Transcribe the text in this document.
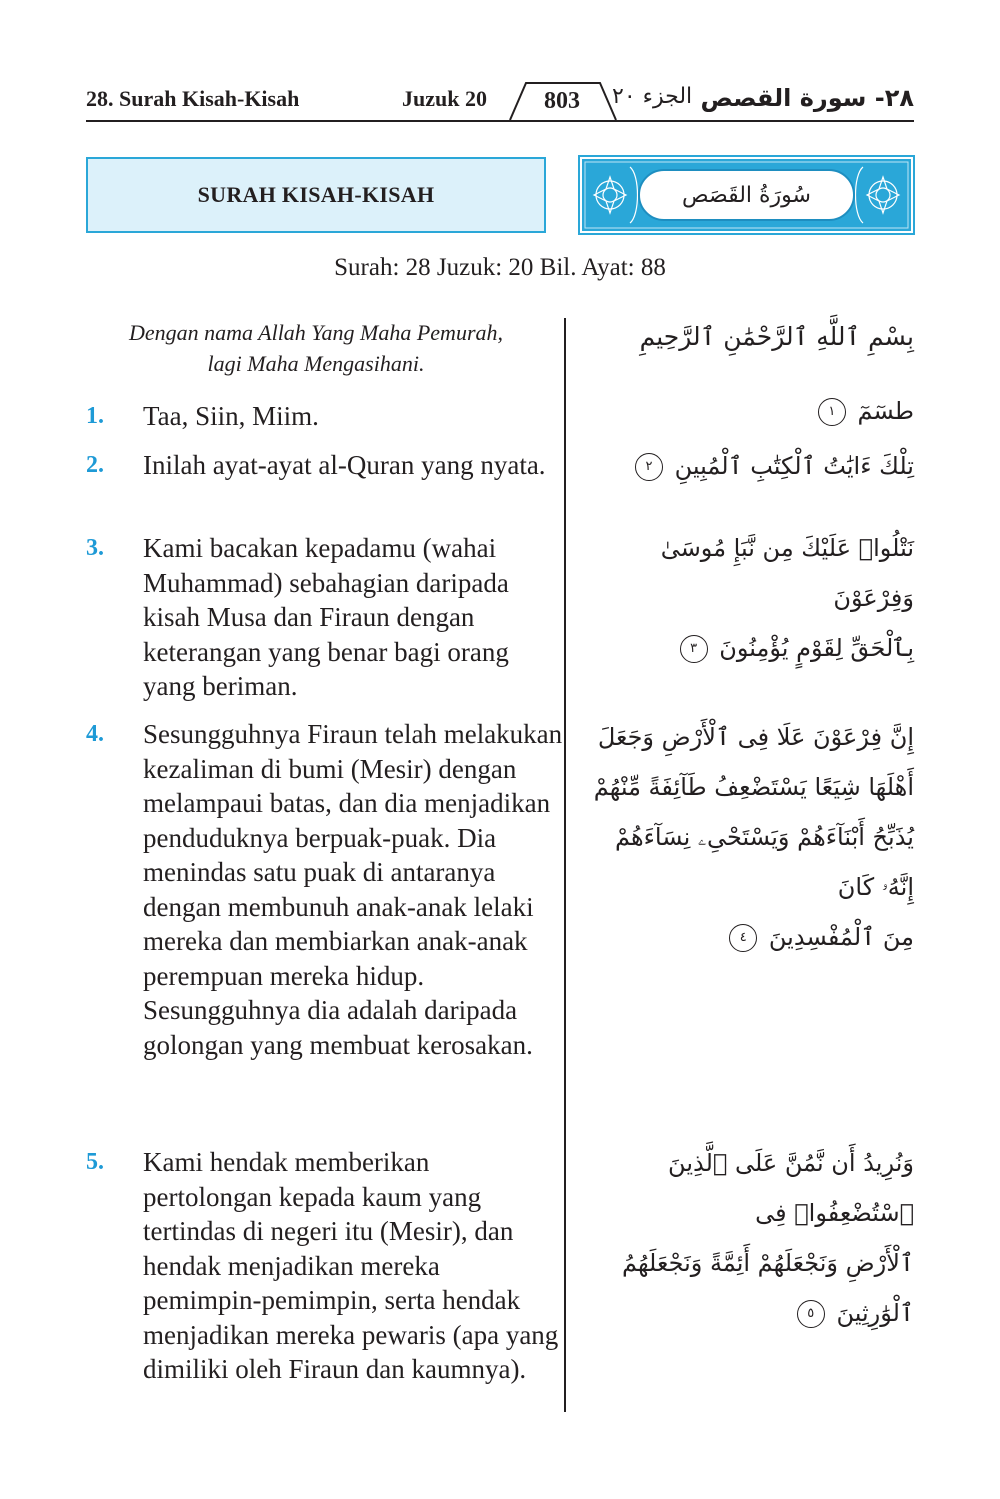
28. Surah Kisah-Kisah	Juzuk 20	803	الجزء ٢٠ ٢٨- سورة القصص
SURAH KISAH-KISAH	سُورَةُ القَصَص
Surah: 28 Juzuk: 20 Bil. Ayat: 88
Dengan nama Allah Yang Maha Pemurah,
lagi Maha Mengasihani.
بِسْمِ ٱللَّهِ ٱلرَّحْمَٰنِ ٱلرَّحِيمِ
1. Taa, Siin, Miim.	طسٓمٓ ١
2. Inilah ayat-ayat al-Quran yang nyata.	تِلْكَ ءَايَٰتُ ٱلْكِتَٰبِ ٱلْمُبِينِ ٢
3. Kami bacakan kepadamu (wahai Muhammad) sebahagian daripada kisah Musa dan Firaun dengan keterangan yang benar bagi orang yang beriman.
نَتْلُوا۟ عَلَيْكَ مِن نَّبَإِ مُوسَىٰ وَفِرْعَوْنَ
بِٱلْحَقِّ لِقَوْمٍ يُؤْمِنُونَ ٣
4. Sesungguhnya Firaun telah melakukan kezaliman di bumi (Mesir) dengan melampaui batas, dan dia menjadikan penduduknya berpuak-puak. Dia menindas satu puak di antaranya dengan membunuh anak-anak lelaki mereka dan membiarkan anak-anak perempuan mereka hidup. Sesungguhnya dia adalah daripada golongan yang membuat kerosakan.
إِنَّ فِرْعَوْنَ عَلَا فِى ٱلْأَرْضِ وَجَعَلَ
أَهْلَهَا شِيَعًا يَسْتَضْعِفُ طَآئِفَةً مِّنْهُمْ
يُذَبِّحُ أَبْنَآءَهُمْ وَيَسْتَحْىِۦ نِسَآءَهُمْ إِنَّهُۥ كَانَ
مِنَ ٱلْمُفْسِدِينَ ٤
5. Kami hendak memberikan pertolongan kepada kaum yang tertindas di negeri itu (Mesir), dan hendak menjadikan mereka pemimpin-pemimpin, serta hendak menjadikan mereka pewaris (apa yang dimiliki oleh Firaun dan kaumnya).
وَنُرِيدُ أَن نَّمُنَّ عَلَى ٱلَّذِينَ ٱسْتُضْعِفُوا۟ فِى
ٱلْأَرْضِ وَنَجْعَلَهُمْ أَئِمَّةً وَنَجْعَلَهُمُ
ٱلْوَٰرِثِينَ ٥
